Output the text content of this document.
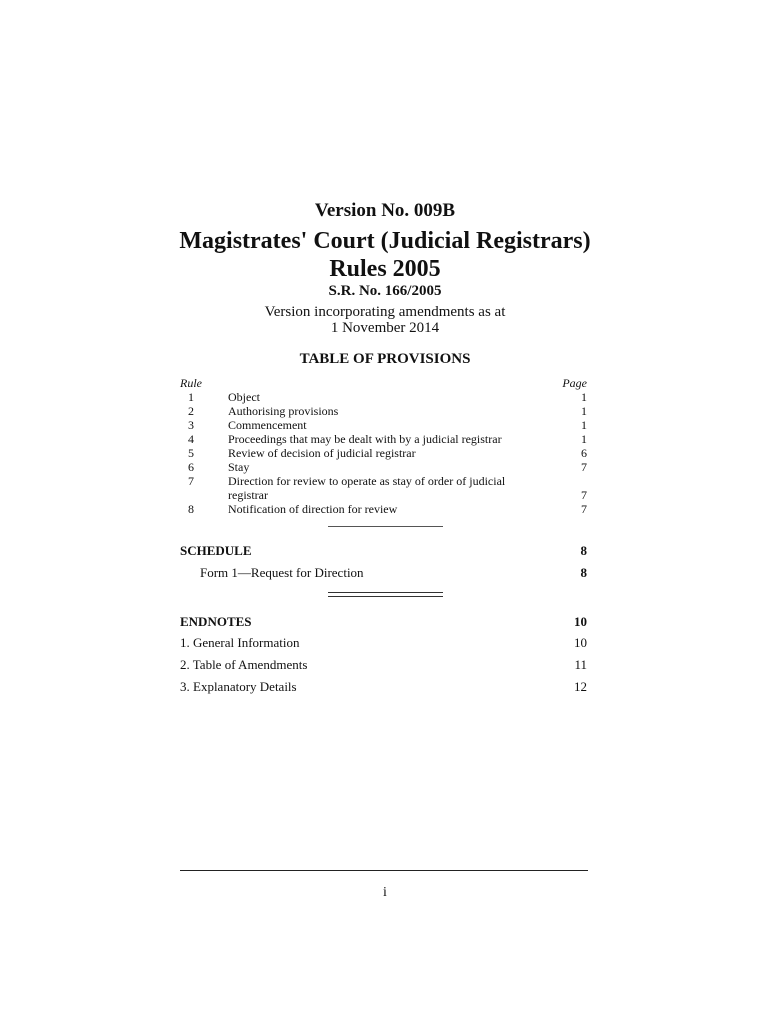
Version No. 009B
Magistrates' Court (Judicial Registrars)
Rules 2005
S.R. No. 166/2005
Version incorporating amendments as at
1 November 2014
TABLE OF PROVISIONS
Rule	Page
1	Object	1
2	Authorising provisions	1
3	Commencement	1
4	Proceedings that may be dealt with by a judicial registrar	1
5	Review of decision of judicial registrar	6
6	Stay	7
7	Direction for review to operate as stay of order of judicial
registrar	7
8	Notification of direction for review	7
SCHEDULE	8
Form 1—Request for Direction	8
ENDNOTES	10
1. General Information	10
2. Table of Amendments	11
3. Explanatory Details	12
i
